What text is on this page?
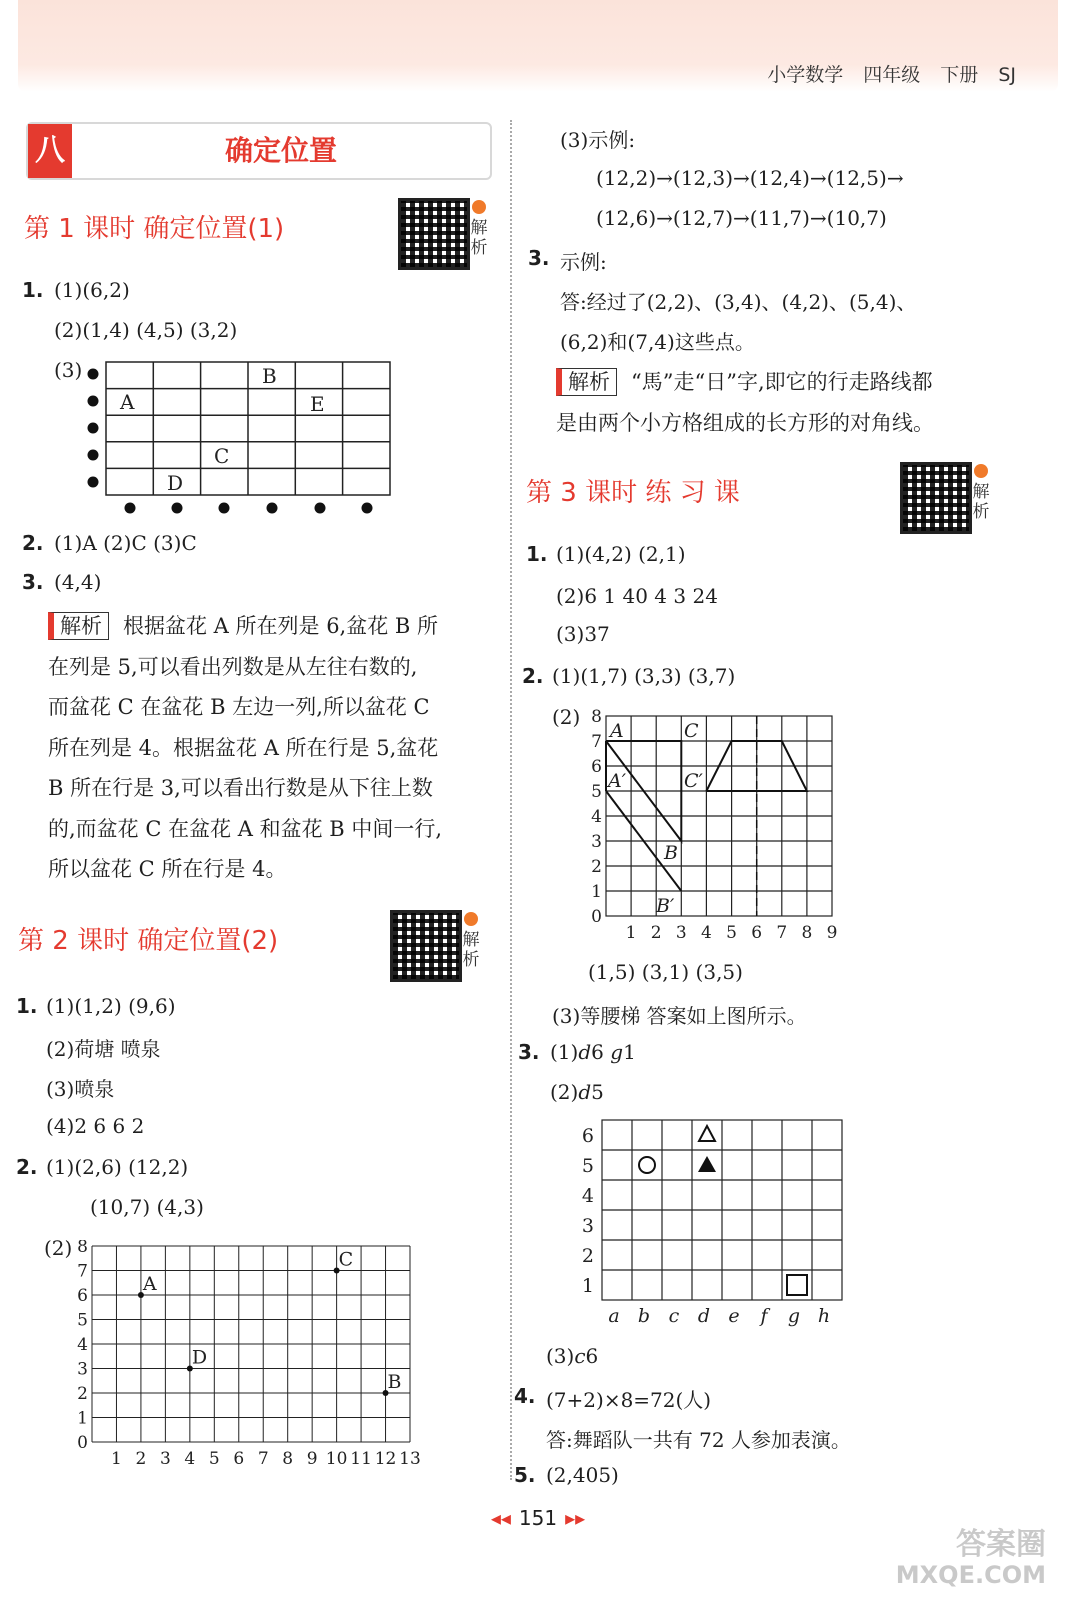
小学数学 四年级 下册 SJ
八	确定位置
第 1 课时 确定位置(1)	解析
1. (1)(6,2)
(2)(1,4) (4,5) (3,2)
(3)	B
A	E
C
D
2. (1)A (2)C (3)C
3. (4,4)
解析 根据盆花 A 所在列是 6,盆花 B 所
在列是 5,可以看出列数是从左往右数的,
而盆花 C 在盆花 B 左边一列,所以盆花 C
所在列是 4。根据盆花 A 所在行是 5,盆花
B 所在行是 3,可以看出行数是从下往上数
的,而盆花 C 在盆花 A 和盆花 B 中间一行,
所以盆花 C 所在行是 4。
第 2 课时 确定位置(2)	解析
1. (1)(1,2) (9,6)
(2)荷塘 喷泉
(3)喷泉
(4)2 6 6 2
2. (1)(2,6) (12,2)
(10,7) (4,3)
(2)
1 2 3 4 5 6 7 8 9 10 11 12 13
0
1
2
3
4
5
6
7
8
A
C
D
B
(3)示例:
(12,2)→(12,3)→(12,4)→(12,5)→
(12,6)→(12,7)→(11,7)→(10,7)
3. 示例:
答:经过了(2,2)、(3,4)、(4,2)、(5,4)、
(6,2)和(7,4)这些点。
解析 “馬”走“日”字,即它的行走路线都
是由两个小方格组成的长方形的对角线。
第 3 课时 练 习 课	解析
1. (1)(4,2) (2,1)
(2)6 1 40 4 3 24
(3)37
2. (1)(1,7) (3,3) (3,7)
(2)
A	C
A′	C′
B
B′
0
1
2
3
4
5
6
7
8
1 2 3 4 5 6 7 8 9
(1,5) (3,1) (3,5)
(3)等腰梯 答案如上图所示。
3. (1)d6 g1
(2)d5
6
5
4
3
2
1
a b c d e f g h
(3)c6
4. (7+2)×8=72(人)
答:舞蹈队一共有 72 人参加表演。
5. (2,405)
◂◂ 151 ▸▸
答案圈
MXQE.COM
